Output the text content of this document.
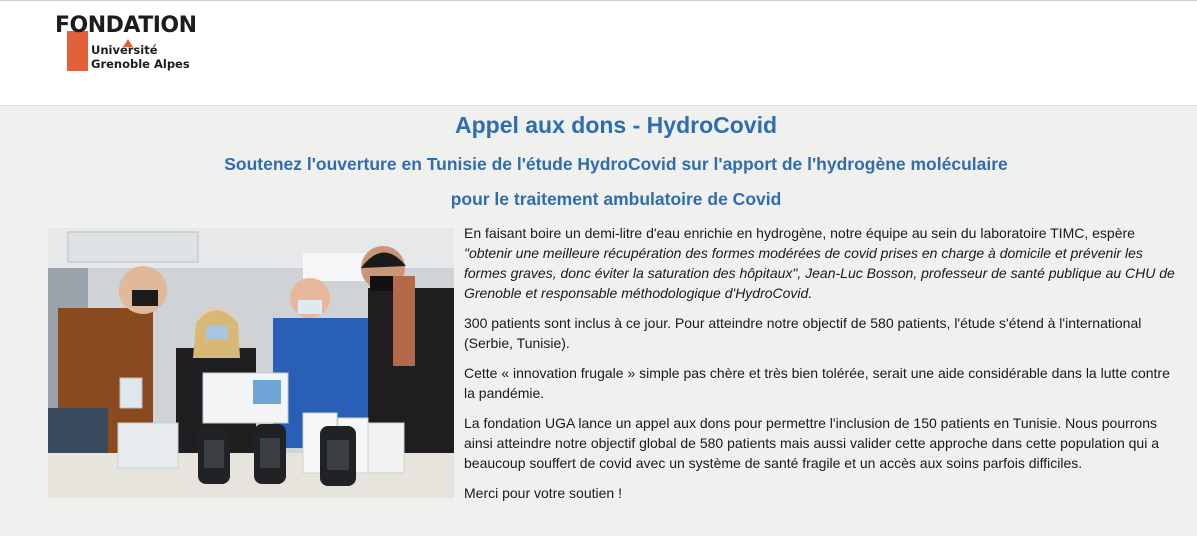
FONDATION
Université
Grenoble Alpes
Appel aux dons - HydroCovid
Soutenez l'ouverture en Tunisie de l'étude HydroCovid sur l'apport de l'hydrogène moléculaire
pour le traitement ambulatoire de Covid

En faisant boire un demi-litre d'eau enrichie en hydrogène, notre équipe au sein du laboratoire TIMC, espère "obtenir une meilleure récupération des formes modérées de covid prises en charge à domicile et prévenir les formes graves, donc éviter la saturation des hôpitaux", Jean-Luc Bosson, professeur de santé publique au CHU de Grenoble et responsable méthodologique d'HydroCovid.

300 patients sont inclus à ce jour. Pour atteindre notre objectif de 580 patients, l'étude s'étend à l'international (Serbie, Tunisie).

Cette « innovation frugale » simple pas chère et très bien tolérée, serait une aide considérable dans la lutte contre la pandémie.

La fondation UGA lance un appel aux dons pour permettre l'inclusion de 150 patients en Tunisie. Nous pourrons ainsi atteindre notre objectif global de 580 patients mais aussi valider cette approche dans cette population qui a beaucoup souffert de covid avec un système de santé fragile et un accès aux soins parfois difficiles.

Merci pour votre soutien !
